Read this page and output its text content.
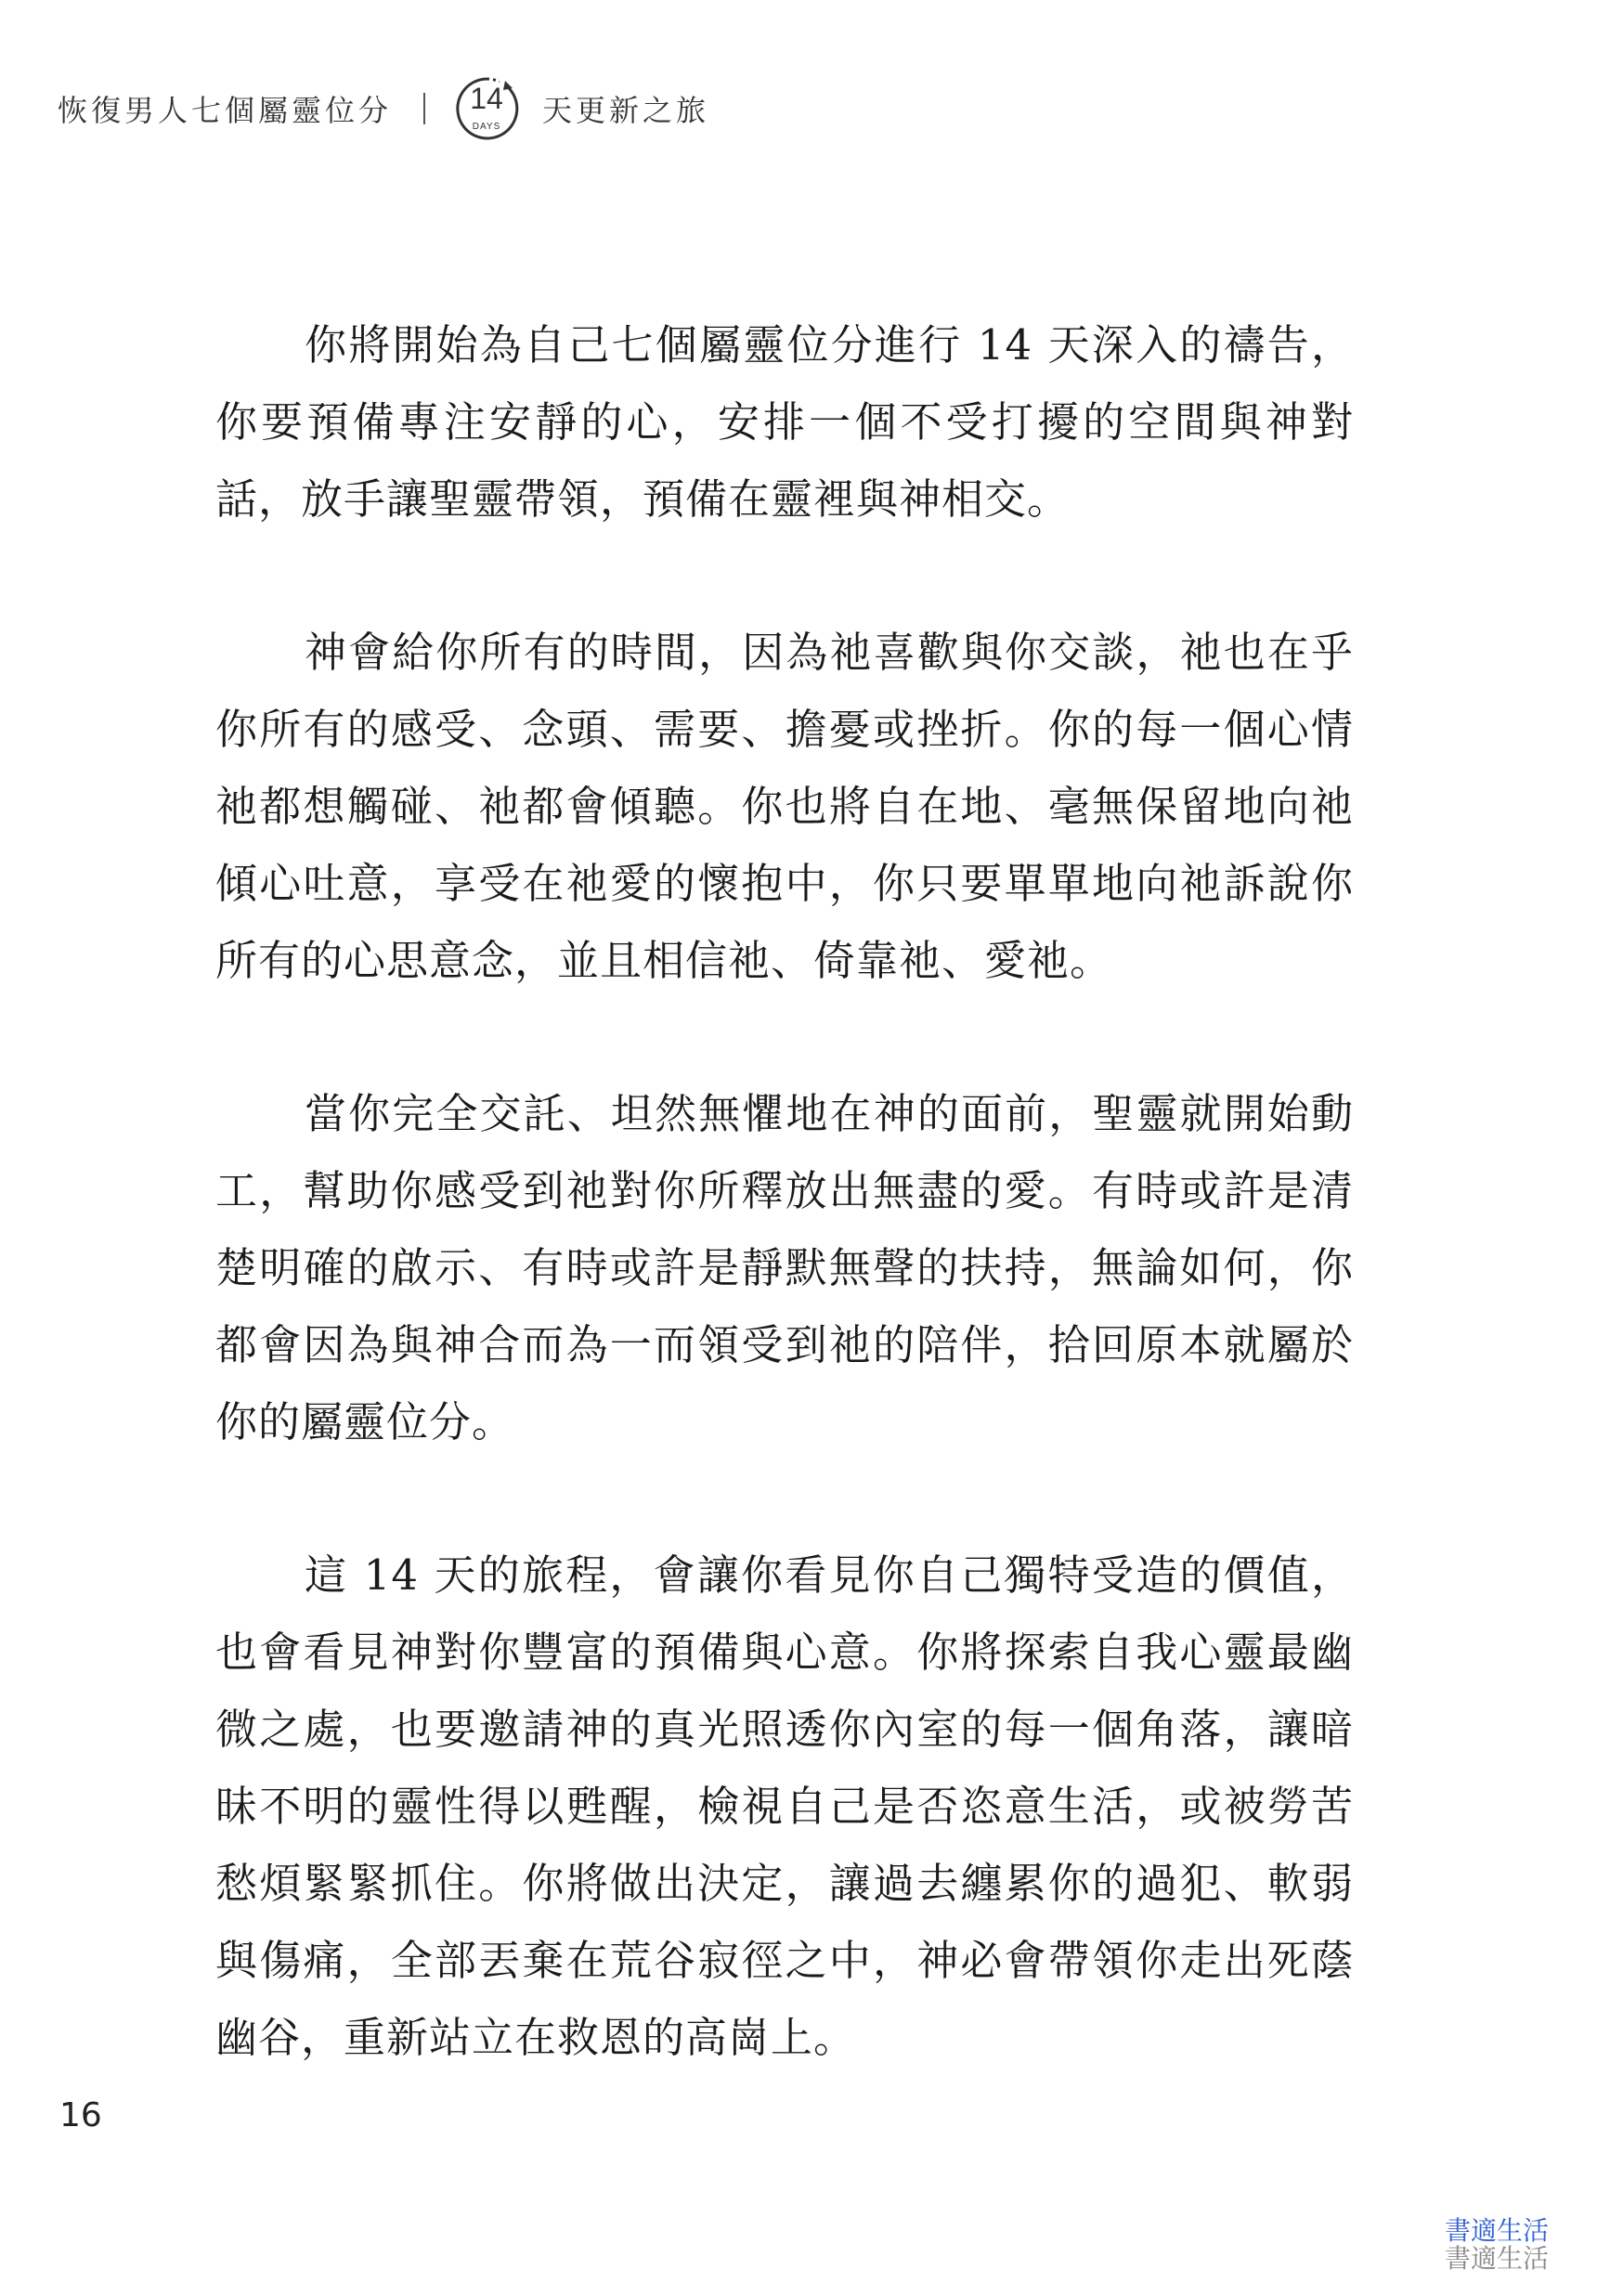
恢復男人七個屬靈位分	14
DAYS	天更新之旅

你將開始為自己七個屬靈位分進行 14 天深入的禱告，你要預備專注安靜的心，安排一個不受打擾的空間與神對話，放手讓聖靈帶領，預備在靈裡與神相交。

神會給你所有的時間，因為祂喜歡與你交談，祂也在乎你所有的感受、念頭、需要、擔憂或挫折。你的每一個心情祂都想觸碰、祂都會傾聽。你也將自在地、毫無保留地向祂傾心吐意，享受在祂愛的懷抱中，你只要單單地向祂訴說你所有的心思意念，並且相信祂、倚靠祂、愛祂。

當你完全交託、坦然無懼地在神的面前，聖靈就開始動工，幫助你感受到祂對你所釋放出無盡的愛。有時或許是清楚明確的啟示、有時或許是靜默無聲的扶持，無論如何，你都會因為與神合而為一而領受到祂的陪伴，拾回原本就屬於你的屬靈位分。

這 14 天的旅程，會讓你看見你自己獨特受造的價值，也會看見神對你豐富的預備與心意。你將探索自我心靈最幽微之處，也要邀請神的真光照透你內室的每一個角落，讓暗昧不明的靈性得以甦醒，檢視自己是否恣意生活，或被勞苦愁煩緊緊抓住。你將做出決定，讓過去纏累你的過犯、軟弱與傷痛，全部丟棄在荒谷寂徑之中，神必會帶領你走出死蔭幽谷，重新站立在救恩的高崗上。

16
書適生活
書適生活
